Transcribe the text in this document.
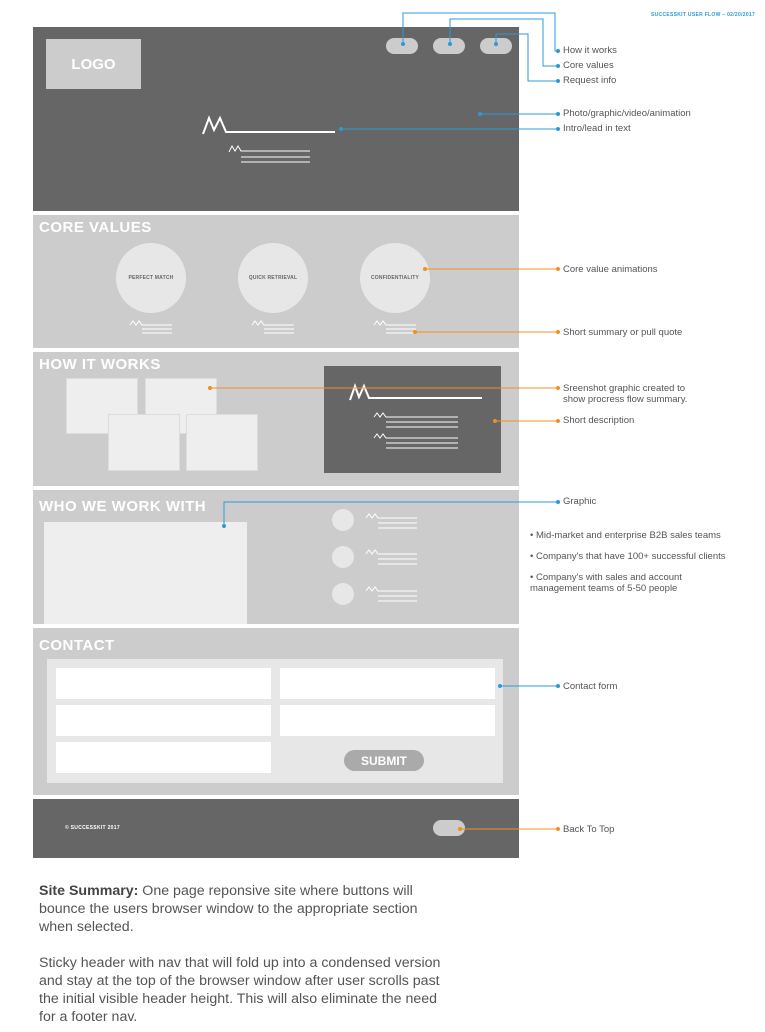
SUCCESSKIT USER FLOW – 02/20/2017
LOGO
CORE VALUES
PERFECT MATCH	QUICK RETRIEVAL	CONFIDENTIALITY
HOW IT WORKS
WHO WE WORK WITH
CONTACT
SUBMIT
© SUCCESSKIT 2017
How it works
Core values
Request info
Photo/graphic/video/animation
Intro/lead in text
Core value animations
Short summary or pull quote
Sreenshot graphic created to
show procress flow summary.
Short description
Graphic
Contact form
Back To Top
• Mid-market and enterprise B2B sales teams
• Company's that have 100+ successful clients
• Company's with sales and account
management teams of 5-50 people
Site Summary: One page reponsive site where buttons will
bounce the users browser window to the appropriate section
when selected.
Sticky header with nav that will fold up into a condensed version
and stay at the top of the browser window after user scrolls past
the initial visible header height. This will also eliminate the need
for a footer nav.
